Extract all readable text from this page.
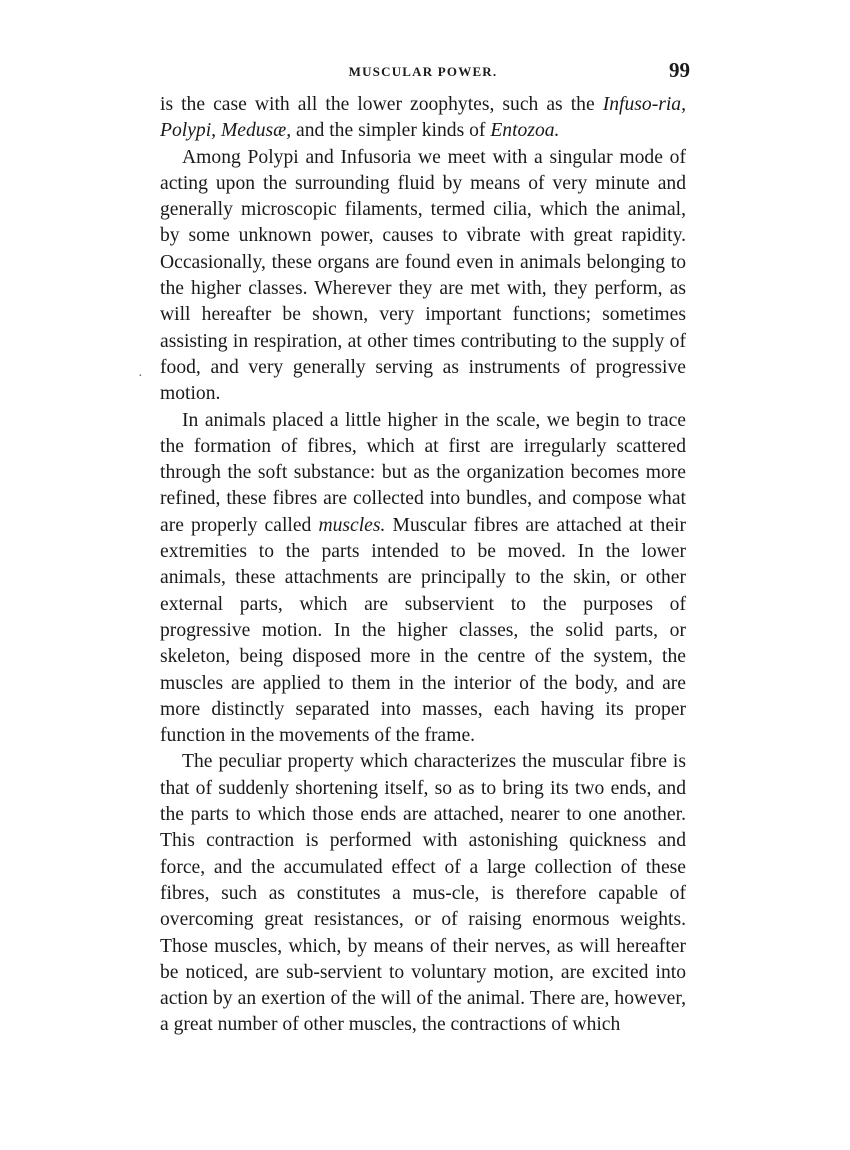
·
MUSCULAR POWER.	99

is the case with all the lower zoophytes, such as the Infuso-ria, Polypi, Medusæ, and the simpler kinds of Entozoa.

Among Polypi and Infusoria we meet with a singular mode of acting upon the surrounding fluid by means of very minute and generally microscopic filaments, termed cilia, which the animal, by some unknown power, causes to vibrate with great rapidity. Occasionally, these organs are found even in animals belonging to the higher classes. Wherever they are met with, they perform, as will hereafter be shown, very important functions; sometimes assisting in respiration, at other times contributing to the supply of food, and very generally serving as instruments of progressive motion.

In animals placed a little higher in the scale, we begin to trace the formation of fibres, which at first are irregularly scattered through the soft substance: but as the organization becomes more refined, these fibres are collected into bundles, and compose what are properly called muscles. Muscular fibres are attached at their extremities to the parts intended to be moved. In the lower animals, these attachments are principally to the skin, or other external parts, which are subservient to the purposes of progressive motion. In the higher classes, the solid parts, or skeleton, being disposed more in the centre of the system, the muscles are applied to them in the interior of the body, and are more distinctly separated into masses, each having its proper function in the movements of the frame.

The peculiar property which characterizes the muscular fibre is that of suddenly shortening itself, so as to bring its two ends, and the parts to which those ends are attached, nearer to one another. This contraction is performed with astonishing quickness and force, and the accumulated effect of a large collection of these fibres, such as constitutes a mus-cle, is therefore capable of overcoming great resistances, or of raising enormous weights. Those muscles, which, by means of their nerves, as will hereafter be noticed, are sub-servient to voluntary motion, are excited into action by an exertion of the will of the animal. There are, however, a great number of other muscles, the contractions of which
